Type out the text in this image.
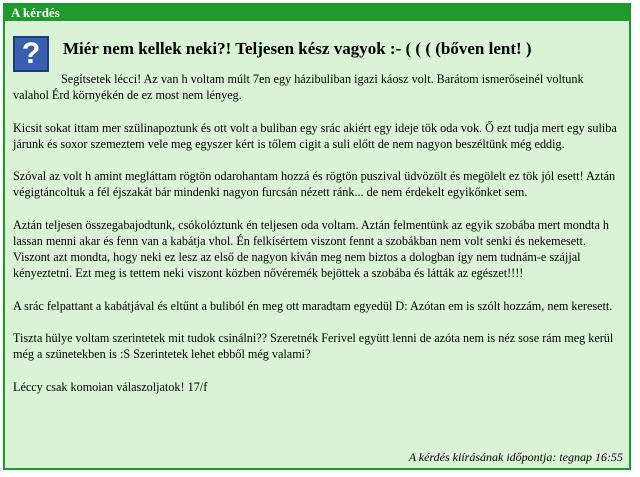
A kérdés
?	Miér nem kellek neki?! Teljesen kész vagyok :- ( ( ( (bőven lent! )

Segítsetek lécci! Az van h voltam múlt 7en egy házibuliban igazi káosz volt. Barátom ismerőseinél voltunk valahol Érd környékén de ez most nem lényeg.

Kicsit sokat ittam mer szülinapoztunk és ott volt a buliban egy srác akiért egy ideje tök oda vok. Ő ezt tudja mert egy suliba járunk és soxor szemeztem vele meg egyszer kért is tőlem cigit a suli előtt de nem nagyon beszéltünk még eddig.

Szóval az volt h amint megláttam rögtön odarohantam hozzá és rögtön puszival üdvözölt és megölelt ez tök jól esett! Aztán végigtáncoltuk a fél éjszakát bár mindenki nagyon furcsán nézett ránk... de nem érdekelt egyikőnket sem.

Aztán teljesen összegabajodtunk, csókolóztunk én teljesen oda voltam. Aztán felmentünk az egyik szobába mert mondta h lassan menni akar és fenn van a kabátja vhol. Én felkísértem viszont fennt a szobákban nem volt senki és nekemesett. Viszont azt mondta, hogy neki ez lesz az első de nagyon kíván meg nem biztos a dologban így nem tudnám-e szájjal kényeztetni. Ezt meg is tettem neki viszont közben nővéremék bejöttek a szobába és látták az egészet!!!!

A srác felpattant a kabátjával és eltűnt a buliból én meg ott maradtam egyedül D: Azótan em is szólt hozzám, nem keresett.

Tiszta hülye voltam szerintetek mit tudok csinálni?? Szeretnék Ferivel együtt lenni de azóta nem is néz sose rám meg kerül még a szünetekben is :S Szerintetek lehet ebből még valami?

Léccy csak komoian válaszoljatok! 17/f

A kérdés kiírásának időpontja: tegnap 16:55
